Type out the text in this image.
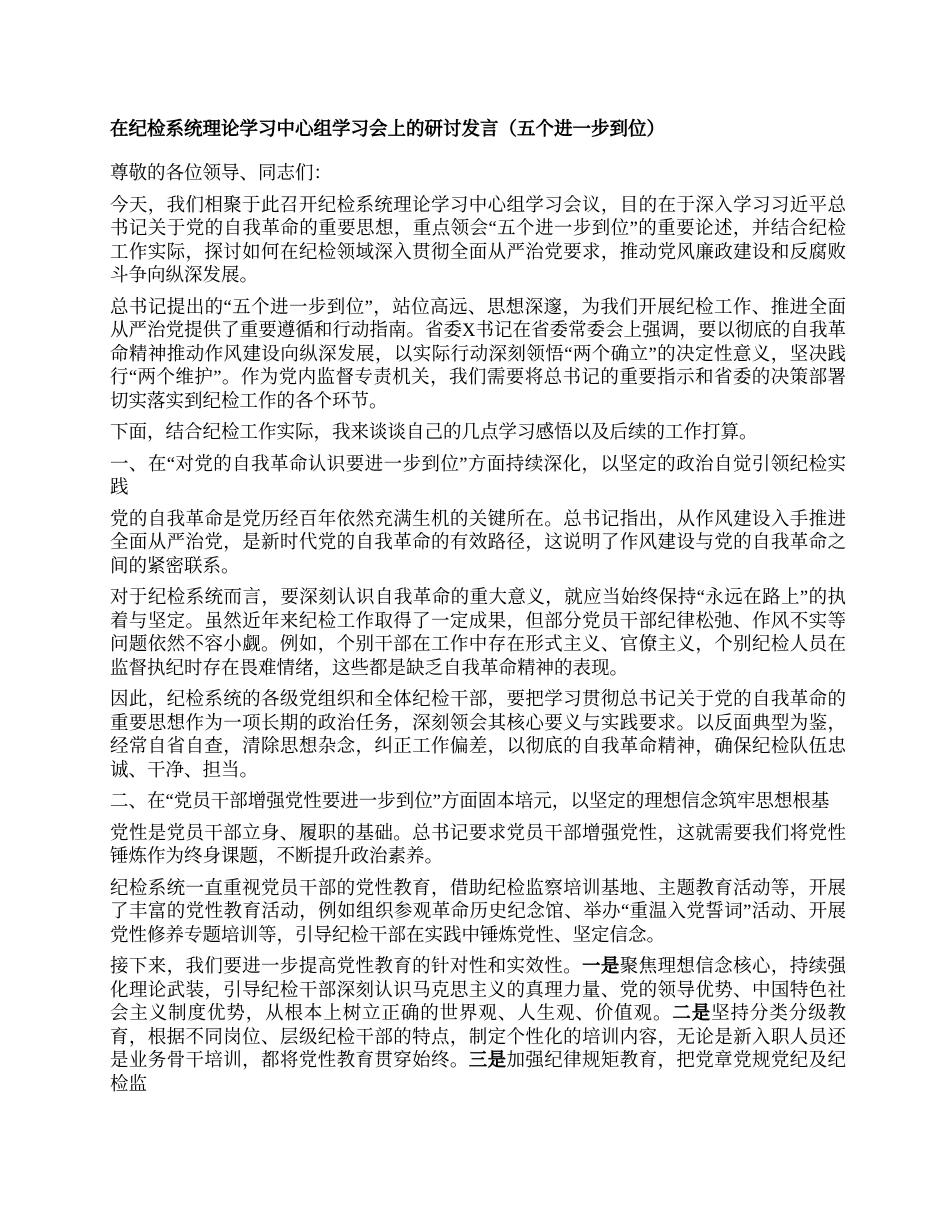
在纪检系统理论学习中心组学习会上的研讨发言（五个进一步到位）

尊敬的各位领导、同志们：

今天，我们相聚于此召开纪检系统理论学习中心组学习会议，目的在于深入学习习近平总书记关于党的自我革命的重要思想，重点领会“五个进一步到位”的重要论述，并结合纪检工作实际，探讨如何在纪检领域深入贯彻全面从严治党要求，推动党风廉政建设和反腐败斗争向纵深发展。

总书记提出的“五个进一步到位”，站位高远、思想深邃，为我们开展纪检工作、推进全面从严治党提供了重要遵循和行动指南。省委X书记在省委常委会上强调，要以彻底的自我革命精神推动作风建设向纵深发展，以实际行动深刻领悟“两个确立”的决定性意义，坚决践行“两个维护”。作为党内监督专责机关，我们需要将总书记的重要指示和省委的决策部署切实落实到纪检工作的各个环节。

下面，结合纪检工作实际，我来谈谈自己的几点学习感悟以及后续的工作打算。

一、在“对党的自我革命认识要进一步到位”方面持续深化，以坚定的政治自觉引领纪检实践

党的自我革命是党历经百年依然充满生机的关键所在。总书记指出，从作风建设入手推进全面从严治党，是新时代党的自我革命的有效路径，这说明了作风建设与党的自我革命之间的紧密联系。

对于纪检系统而言，要深刻认识自我革命的重大意义，就应当始终保持“永远在路上”的执着与坚定。虽然近年来纪检工作取得了一定成果，但部分党员干部纪律松弛、作风不实等问题依然不容小觑。例如，个别干部在工作中存在形式主义、官僚主义，个别纪检人员在监督执纪时存在畏难情绪，这些都是缺乏自我革命精神的表现。

因此，纪检系统的各级党组织和全体纪检干部，要把学习贯彻总书记关于党的自我革命的重要思想作为一项长期的政治任务，深刻领会其核心要义与实践要求。以反面典型为鉴，经常自省自查，清除思想杂念，纠正工作偏差，以彻底的自我革命精神，确保纪检队伍忠诚、干净、担当。

二、在“党员干部增强党性要进一步到位”方面固本培元，以坚定的理想信念筑牢思想根基

党性是党员干部立身、履职的基础。总书记要求党员干部增强党性，这就需要我们将党性锤炼作为终身课题，不断提升政治素养。

纪检系统一直重视党员干部的党性教育，借助纪检监察培训基地、主题教育活动等，开展了丰富的党性教育活动，例如组织参观革命历史纪念馆、举办“重温入党誓词”活动、开展党性修养专题培训等，引导纪检干部在实践中锤炼党性、坚定信念。

接下来，我们要进一步提高党性教育的针对性和实效性。一是聚焦理想信念核心，持续强化理论武装，引导纪检干部深刻认识马克思主义的真理力量、党的领导优势、中国特色社会主义制度优势，从根本上树立正确的世界观、人生观、价值观。二是坚持分类分级教育，根据不同岗位、层级纪检干部的特点，制定个性化的培训内容，无论是新入职人员还是业务骨干培训，都将党性教育贯穿始终。三是加强纪律规矩教育，把党章党规党纪及纪检监
